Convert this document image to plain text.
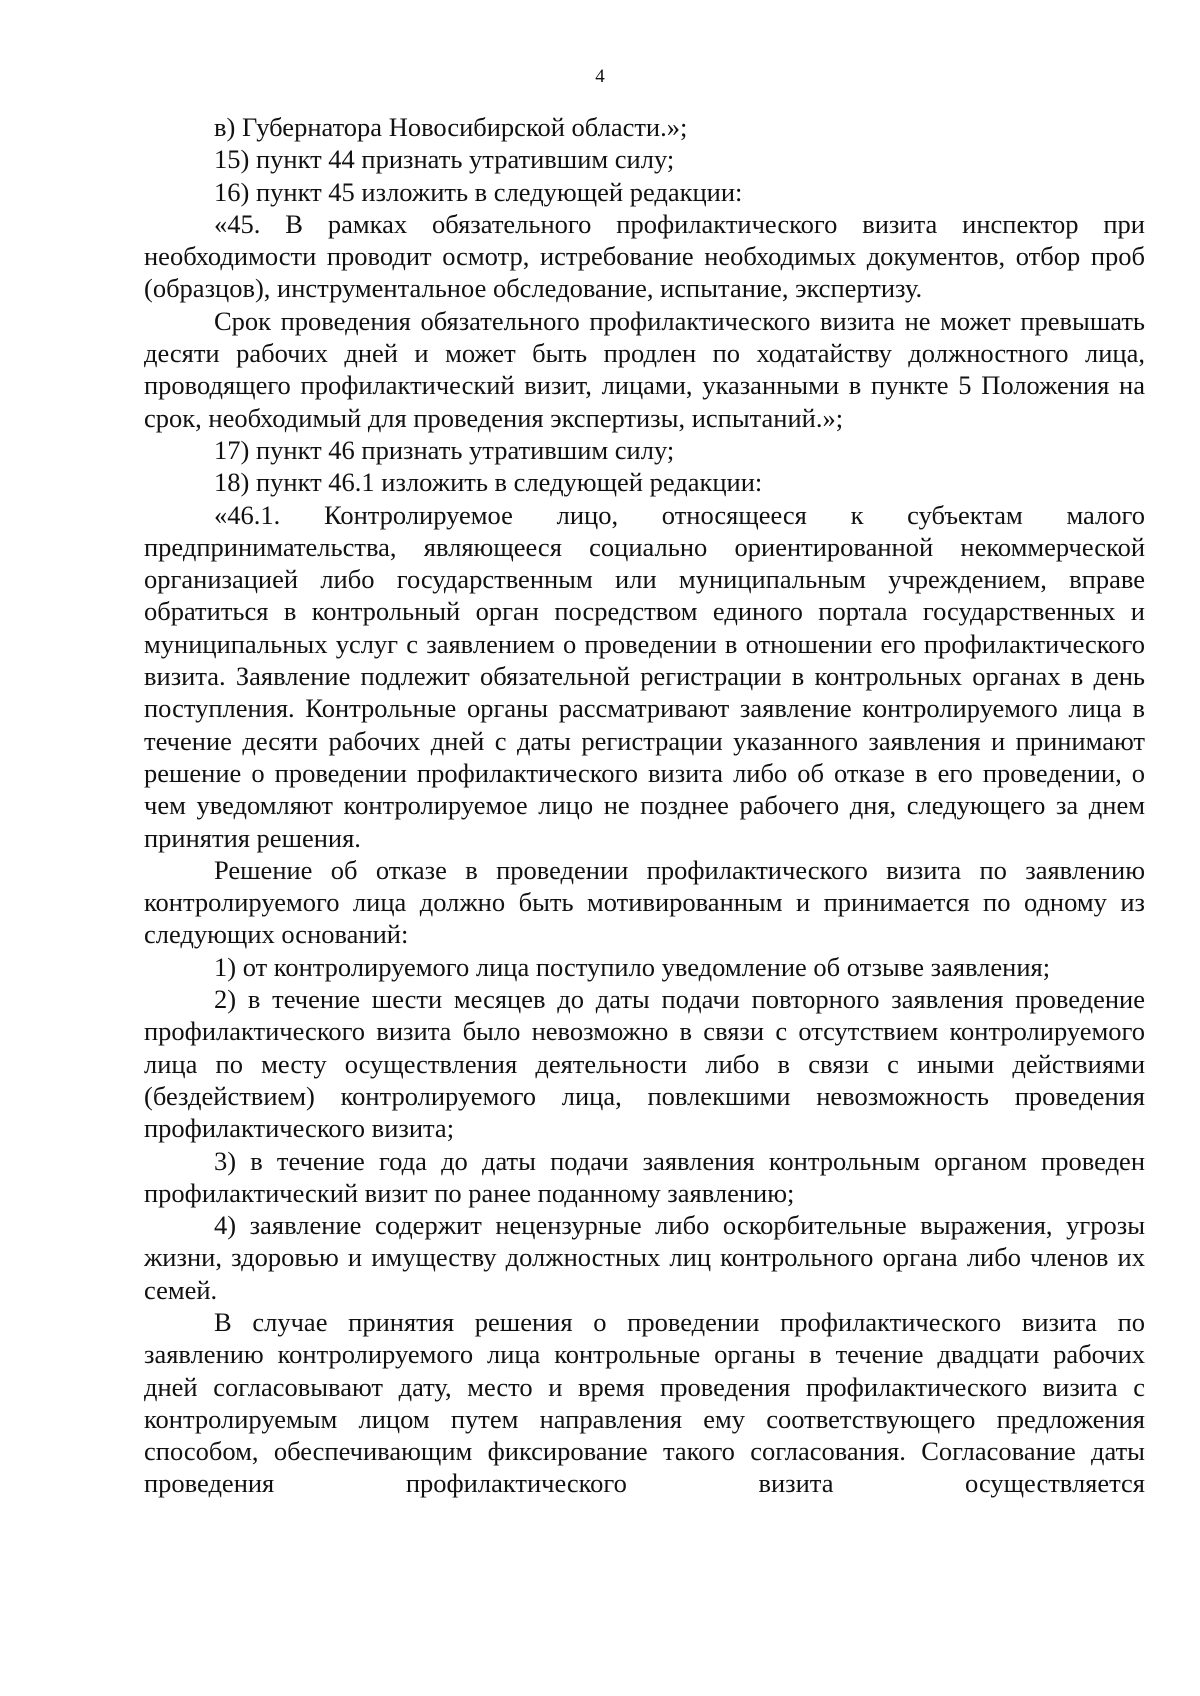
4

в) Губернатора Новосибирской области.»;

15) пункт 44 признать утратившим силу;

16) пункт 45 изложить в следующей редакции:

«45. В рамках обязательного профилактического визита инспектор при необходимости проводит осмотр, истребование необходимых документов, отбор проб (образцов), инструментальное обследование, испытание, экспертизу.

Срок проведения обязательного профилактического визита не может превышать десяти рабочих дней и может быть продлен по ходатайству должностного лица, проводящего профилактический визит, лицами, указанными в пункте 5 Положения на срок, необходимый для проведения экспертизы, испытаний.»;

17) пункт 46 признать утратившим силу;

18) пункт 46.1 изложить в следующей редакции:

«46.1. Контролируемое лицо, относящееся к субъектам малого предпринимательства, являющееся социально ориентированной некоммерческой организацией либо государственным или муниципальным учреждением, вправе обратиться в контрольный орган посредством единого портала государственных и муниципальных услуг с заявлением о проведении в отношении его профилактического визита. Заявление подлежит обязательной регистрации в контрольных органах в день поступления. Контрольные органы рассматривают заявление контролируемого лица в течение десяти рабочих дней с даты регистрации указанного заявления и принимают решение о проведении профилактического визита либо об отказе в его проведении, о чем уведомляют контролируемое лицо не позднее рабочего дня, следующего за днем принятия решения.

Решение об отказе в проведении профилактического визита по заявлению контролируемого лица должно быть мотивированным и принимается по одному из следующих оснований:

1) от контролируемого лица поступило уведомление об отзыве заявления;

2) в течение шести месяцев до даты подачи повторного заявления проведение профилактического визита было невозможно в связи с отсутствием контролируемого лица по месту осуществления деятельности либо в связи с иными действиями (бездействием) контролируемого лица, повлекшими невозможность проведения профилактического визита;

3) в течение года до даты подачи заявления контрольным органом проведен профилактический визит по ранее поданному заявлению;

4) заявление содержит нецензурные либо оскорбительные выражения, угрозы жизни, здоровью и имуществу должностных лиц контрольного органа либо членов их семей.

В случае принятия решения о проведении профилактического визита по заявлению контролируемого лица контрольные органы в течение двадцати рабочих дней согласовывают дату, место и время проведения профилактического визита с контролируемым лицом путем направления ему соответствующего предложения способом, обеспечивающим фиксирование такого согласования. Согласование даты проведения профилактического визита осуществляется
